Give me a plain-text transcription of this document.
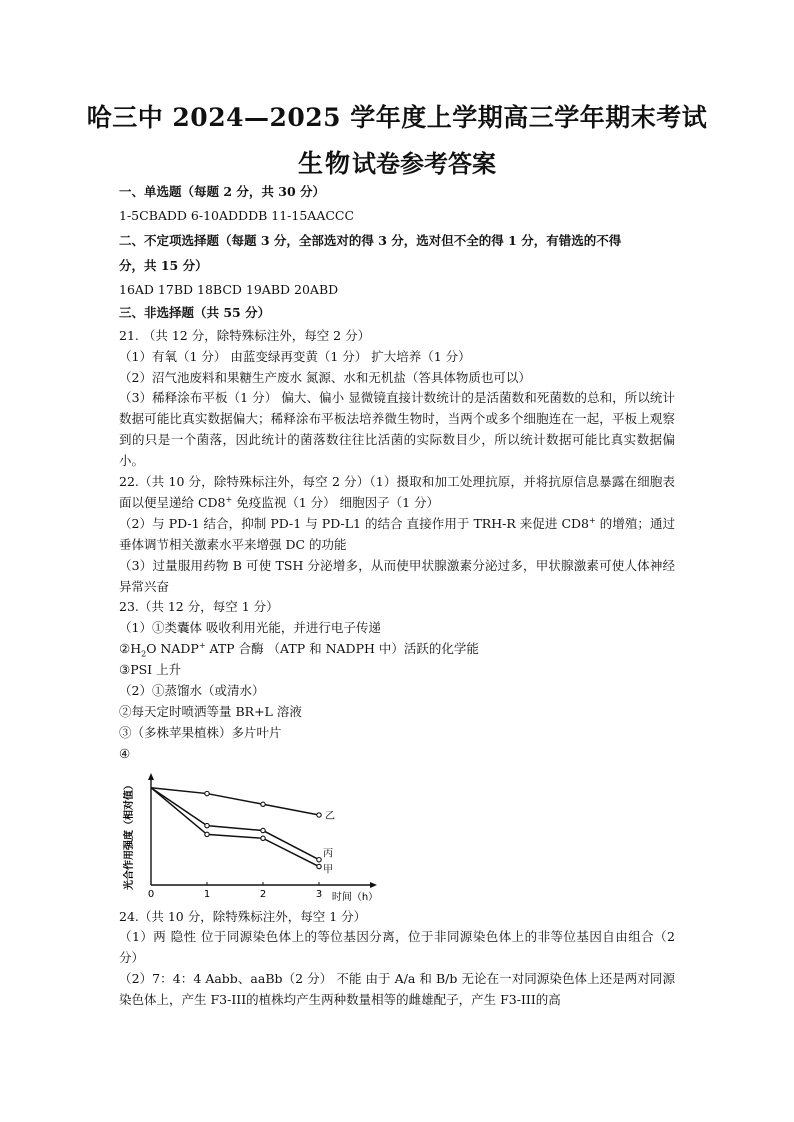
哈三中 2024—2025 学年度上学期高三学年期末考试
生物试卷参考答案
一、单选题（每题 2 分，共 30 分）
1-5CBADD 6-10ADDDB 11-15AACCC
二、不定项选择题（每题 3 分，全部选对的得 3 分，选对但不全的得 1 分，有错选的不得
分，共 15 分）
16AD 17BD 18BCD 19ABD 20ABD
三、非选择题（共 55 分）
21. （共 12 分，除特殊标注外，每空 2 分）
（1）有氧（1 分） 由蓝变绿再变黄（1 分） 扩大培养（1 分）
（2）沼气池废料和果糖生产废水 氮源、水和无机盐（答具体物质也可以）
（3）稀释涂布平板（1 分） 偏大、偏小 显微镜直接计数统计的是活菌数和死菌数的总和，所以统计数据可能比真实数据偏大；稀释涂布平板法培养微生物时，当两个或多个细胞连在一起，平板上观察到的只是一个菌落，因此统计的菌落数往往比活菌的实际数目少，所以统计数据可能比真实数据偏小。
22.（共 10 分，除特殊标注外，每空 2 分）（1）摄取和加工处理抗原，并将抗原信息暴露在细胞表面以便呈递给 CD8+ 免疫监视（1 分） 细胞因子（1 分）
（2）与 PD-1 结合，抑制 PD-1 与 PD-L1 的结合 直接作用于 TRH-R 来促进 CD8+ 的增殖；通过垂体调节相关激素水平来增强 DC 的功能
（3）过量服用药物 B 可使 TSH 分泌增多，从而使甲状腺激素分泌过多，甲状腺激素可使人体神经异常兴奋
23.（共 12 分，每空 1 分）
（1）①类囊体 吸收利用光能，并进行电子传递
$②H_2O$ NADP+ ATP 合酶 （ATP 和 NADPH 中）活跃的化学能
③PSI 上升
（2）①蒸馏水（或清水）
②每天定时喷洒等量 BR+L 溶液
③（多株苹果植株）多片叶片
④
光合作用强度（相对值）
时间（h）
0	1	2	3
乙
丙
甲
24.（共 10 分，除特殊标注外，每空 1 分）
（1）两 隐性 位于同源染色体上的等位基因分离，位于非同源染色体上的非等位基因自由组合（2 分）
（2）7：4：4 Aabb、aaBb（2 分） 不能 由于 A/a 和 B/b 无论在一对同源染色体上还是两对同源染色体上，产生 F3-III的植株均产生两种数量相等的雌雄配子，产生 F3-III的高
